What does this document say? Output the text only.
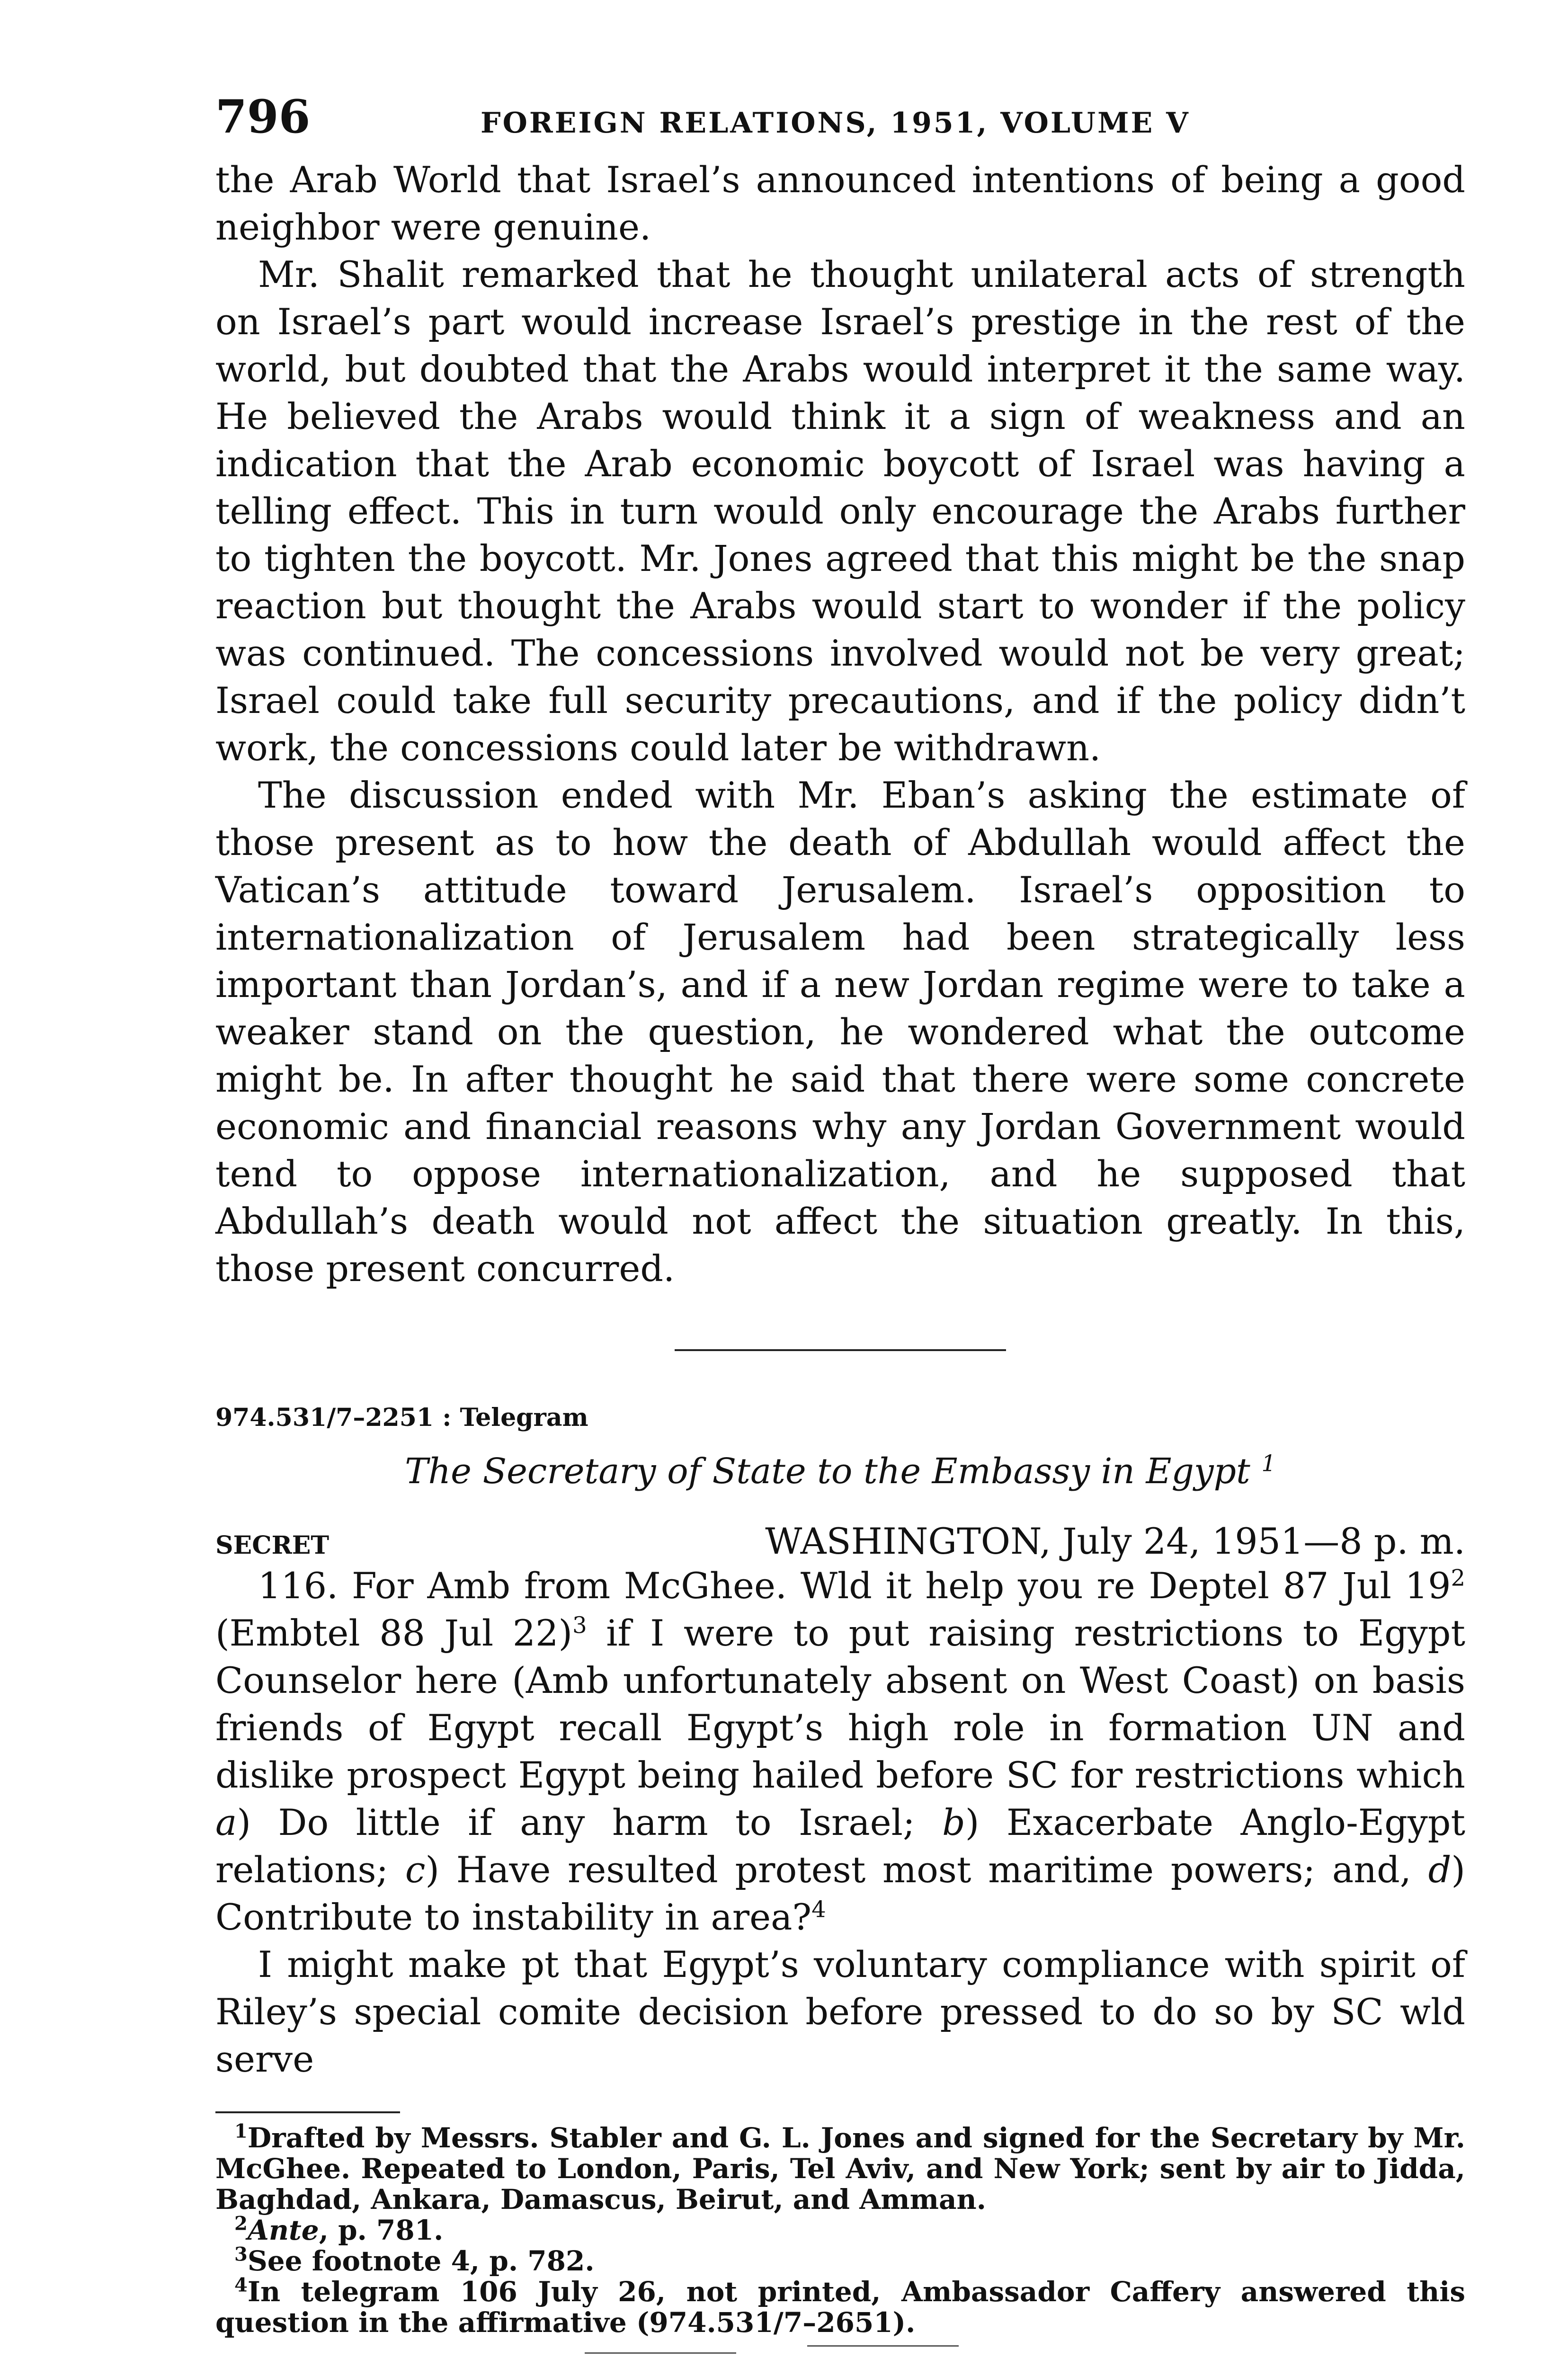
796	FOREIGN RELATIONS, 1951, VOLUME V

the Arab World that Israel’s announced intentions of being a good neighbor were genuine.

Mr. Shalit remarked that he thought unilateral acts of strength on Israel’s part would increase Israel’s prestige in the rest of the world, but doubted that the Arabs would interpret it the same way. He believed the Arabs would think it a sign of weakness and an indication that the Arab economic boycott of Israel was having a telling effect. This in turn would only encourage the Arabs further to tighten the boycott. Mr. Jones agreed that this might be the snap reaction but thought the Arabs would start to wonder if the policy was continued. The concessions involved would not be very great; Israel could take full security precautions, and if the policy didn’t work, the concessions could later be withdrawn.

The discussion ended with Mr. Eban’s asking the estimate of those present as to how the death of Abdullah would affect the Vatican’s attitude toward Jerusalem. Israel’s opposition to internationalization of Jerusalem had been strategically less important than Jordan’s, and if a new Jordan regime were to take a weaker stand on the question, he wondered what the outcome might be. In after thought he said that there were some concrete economic and financial reasons why any Jordan Government would tend to oppose internationalization, and he supposed that Abdullah’s death would not affect the situation greatly. In this, those present concurred.

974.531/7–2251 : Telegram
The Secretary of State to the Embassy in Egypt $^1$
SECRET	WASHINGTON, July 24, 1951—8 p. m.

116. For Amb from McGhee. Wld it help you re Deptel 87 Jul $19^2$ (Embtel 88 Jul 22)$^3$ if I were to put raising restrictions to Egypt Counselor here (Amb unfortunately absent on West Coast) on basis friends of Egypt recall Egypt’s high role in formation UN and dislike prospect Egypt being hailed before SC for restrictions which a) Do little if any harm to Israel; b) Exacerbate Anglo-Egypt relations; c) Have resulted protest most maritime powers; and, d) Contribute to instability in area?$^4$

I might make pt that Egypt’s voluntary compliance with spirit of Riley’s special comite decision before pressed to do so by SC wld serve

$^1$Drafted by Messrs. Stabler and G. L. Jones and signed for the Secretary by Mr. McGhee. Repeated to London, Paris, Tel Aviv, and New York; sent by air to Jidda, Baghdad, Ankara, Damascus, Beirut, and Amman.

$^2$Ante, p. 781.

$^3$See footnote 4, p. 782.

$^4$In telegram 106 July 26, not printed, Ambassador Caffery answered this question in the affirmative (974.531/7–2651).
